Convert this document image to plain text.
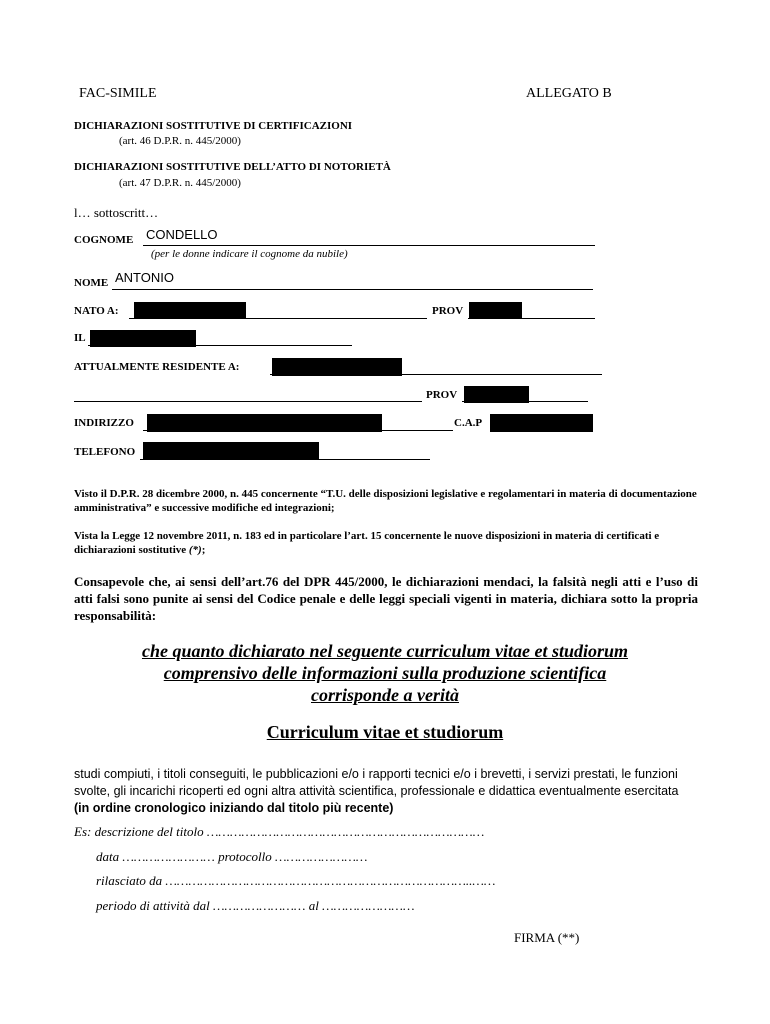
FAC-SIMILE	ALLEGATO B
DICHIARAZIONI SOSTITUTIVE DI CERTIFICAZIONI
(art. 46 D.P.R. n. 445/2000)
DICHIARAZIONI SOSTITUTIVE DELL’ATTO DI NOTORIETÀ
(art. 47 D.P.R. n. 445/2000)
l… sottoscritt…
COGNOME CONDELLO
(per le donne indicare il cognome da nubile)
NOME ANTONIO
NATO A:	PROV
IL
ATTUALMENTE RESIDENTE A:
PROV
INDIRIZZO	C.A.P
TELEFONO
Visto il D.P.R. 28 dicembre 2000, n. 445 concernente “T.U. delle disposizioni legislative e regolamentari in materia di documentazione amministrativa” e successive modifiche ed integrazioni;
Vista la Legge 12 novembre 2011, n. 183 ed in particolare l’art. 15 concernente le nuove disposizioni in materia di certificati e dichiarazioni sostitutive (*);
Consapevole che, ai sensi dell’art.76 del DPR 445/2000, le dichiarazioni mendaci, la falsità negli atti e l’uso di atti falsi sono punite ai sensi del Codice penale e delle leggi speciali vigenti in materia, dichiara sotto la propria responsabilità:
che quanto dichiarato nel seguente curriculum vitae et studiorum
comprensivo delle informazioni sulla produzione scientifica
corrisponde a verità
Curriculum vitae et studiorum
studi compiuti, i titoli conseguiti, le pubblicazioni e/o i rapporti tecnici e/o i brevetti, i servizi prestati, le funzioni svolte, gli incarichi ricoperti ed ogni altra attività scientifica, professionale e didattica eventualmente esercitata (in ordine cronologico iniziando dal titolo più recente)
Es: descrizione del titolo ………………………………………………………………
data …………………… protocollo ……………………
rilasciato da ……………………………………………………………………..……
periodo di attività dal …………………… al ……………………
FIRMA (**)
